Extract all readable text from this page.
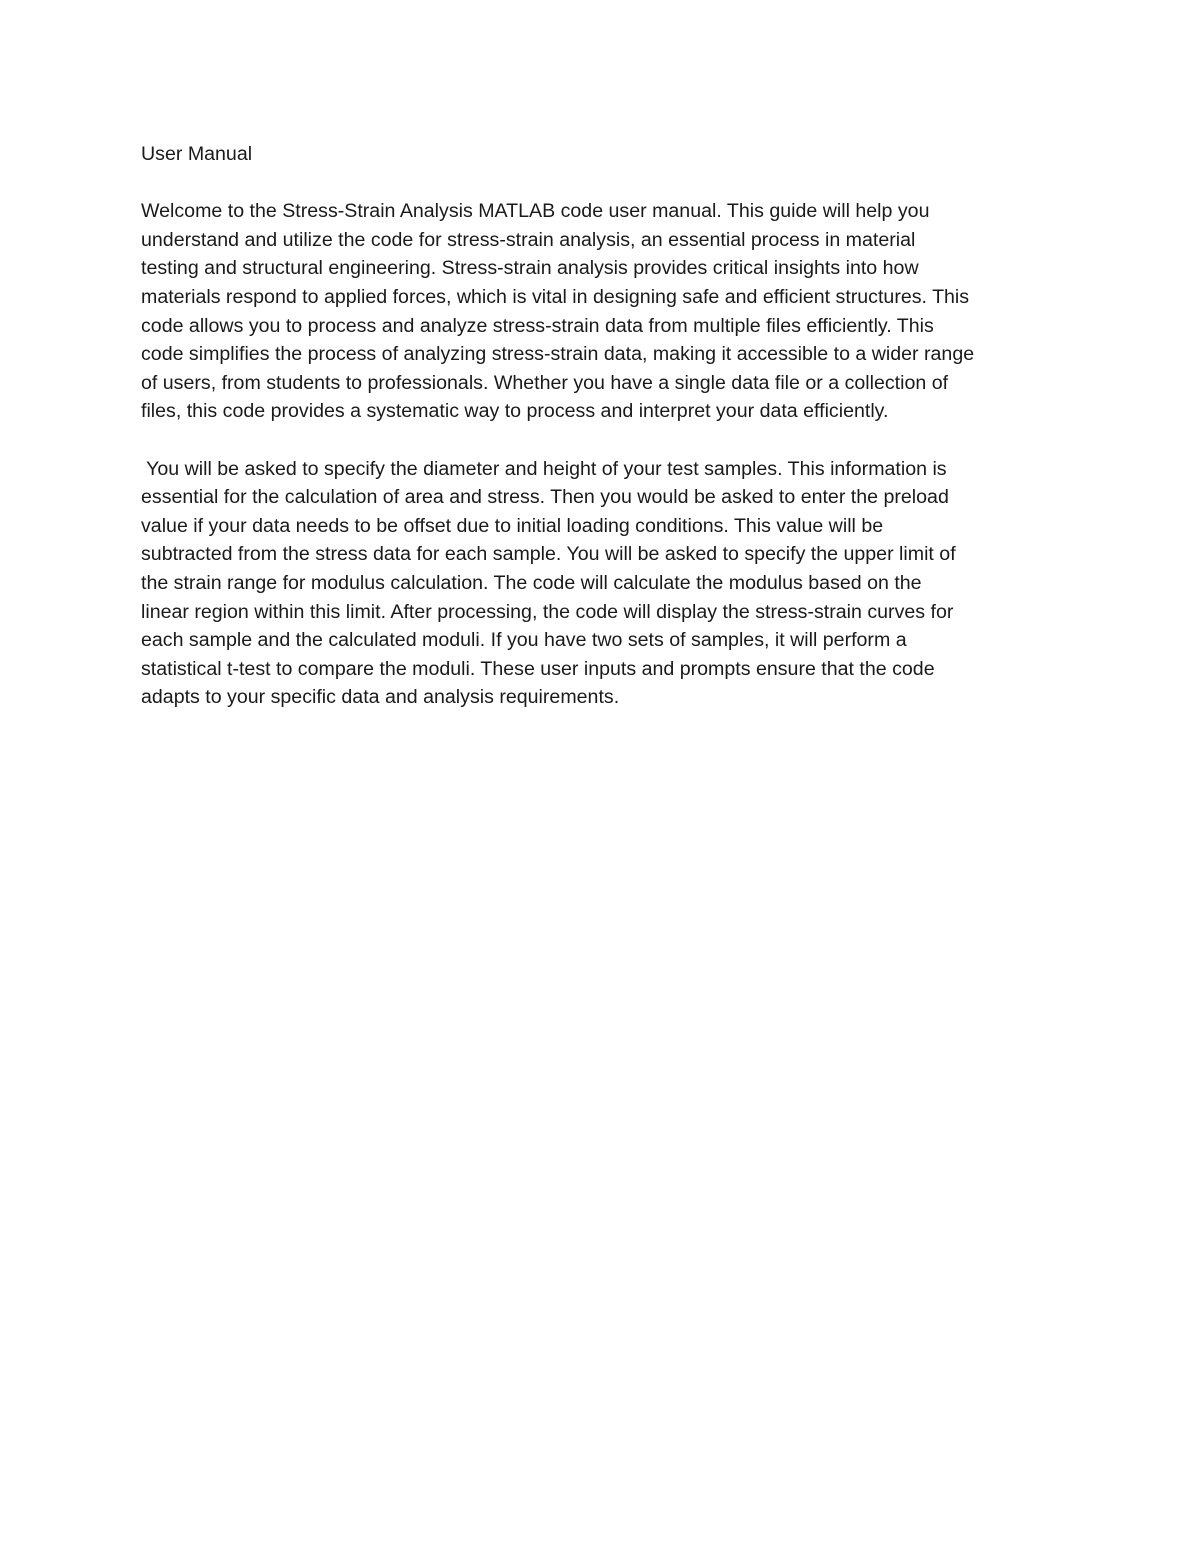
User Manual
Welcome to the Stress-Strain Analysis MATLAB code user manual. This guide will help you
understand and utilize the code for stress-strain analysis, an essential process in material
testing and structural engineering. Stress-strain analysis provides critical insights into how
materials respond to applied forces, which is vital in designing safe and efficient structures. This
code allows you to process and analyze stress-strain data from multiple files efficiently. This
code simplifies the process of analyzing stress-strain data, making it accessible to a wider range
of users, from students to professionals. Whether you have a single data file or a collection of
files, this code provides a systematic way to process and interpret your data efficiently.
You will be asked to specify the diameter and height of your test samples. This information is
essential for the calculation of area and stress. Then you would be asked to enter the preload
value if your data needs to be offset due to initial loading conditions. This value will be
subtracted from the stress data for each sample. You will be asked to specify the upper limit of
the strain range for modulus calculation. The code will calculate the modulus based on the
linear region within this limit. After processing, the code will display the stress-strain curves for
each sample and the calculated moduli. If you have two sets of samples, it will perform a
statistical t-test to compare the moduli. These user inputs and prompts ensure that the code
adapts to your specific data and analysis requirements.
